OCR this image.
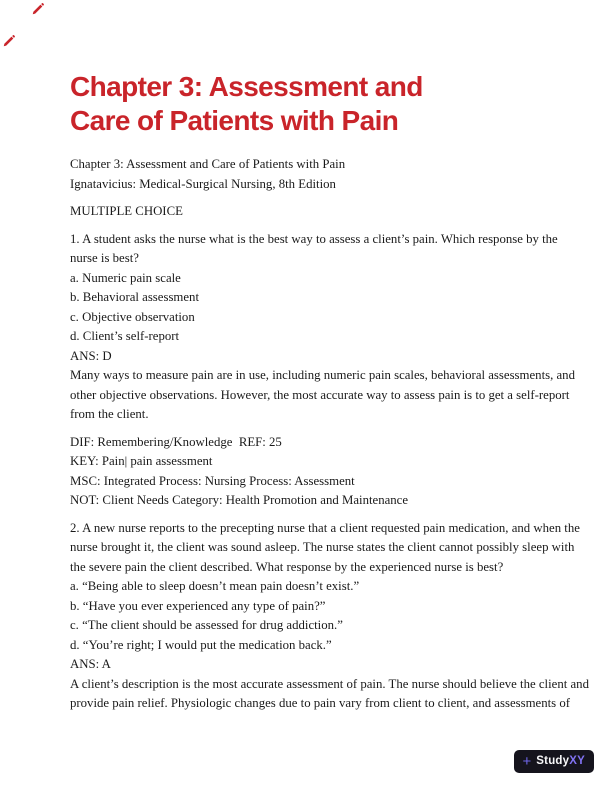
Chapter 3: Assessment and
Care of Patients with Pain
Chapter 3: Assessment and Care of Patients with Pain
Ignatavicius: Medical-Surgical Nursing, 8th Edition
MULTIPLE CHOICE
1. A student asks the nurse what is the best way to assess a client’s pain. Which response by the
nurse is best?
a. Numeric pain scale
b. Behavioral assessment
c. Objective observation
d. Client’s self-report
ANS: D
Many ways to measure pain are in use, including numeric pain scales, behavioral assessments, and
other objective observations. However, the most accurate way to assess pain is to get a self-report
from the client.
DIF: Remembering/Knowledge  REF: 25
KEY: Pain| pain assessment
MSC: Integrated Process: Nursing Process: Assessment
NOT: Client Needs Category: Health Promotion and Maintenance
2. A new nurse reports to the precepting nurse that a client requested pain medication, and when the
nurse brought it, the client was sound asleep. The nurse states the client cannot possibly sleep with
the severe pain the client described. What response by the experienced nurse is best?
a. “Being able to sleep doesn’t mean pain doesn’t exist.”
b. “Have you ever experienced any type of pain?”
c. “The client should be assessed for drug addiction.”
d. “You’re right; I would put the medication back.”
ANS: A
A client’s description is the most accurate assessment of pain. The nurse should believe the client and
provide pain relief. Physiologic changes due to pain vary from client to client, and assessments of
+ StudyXY
